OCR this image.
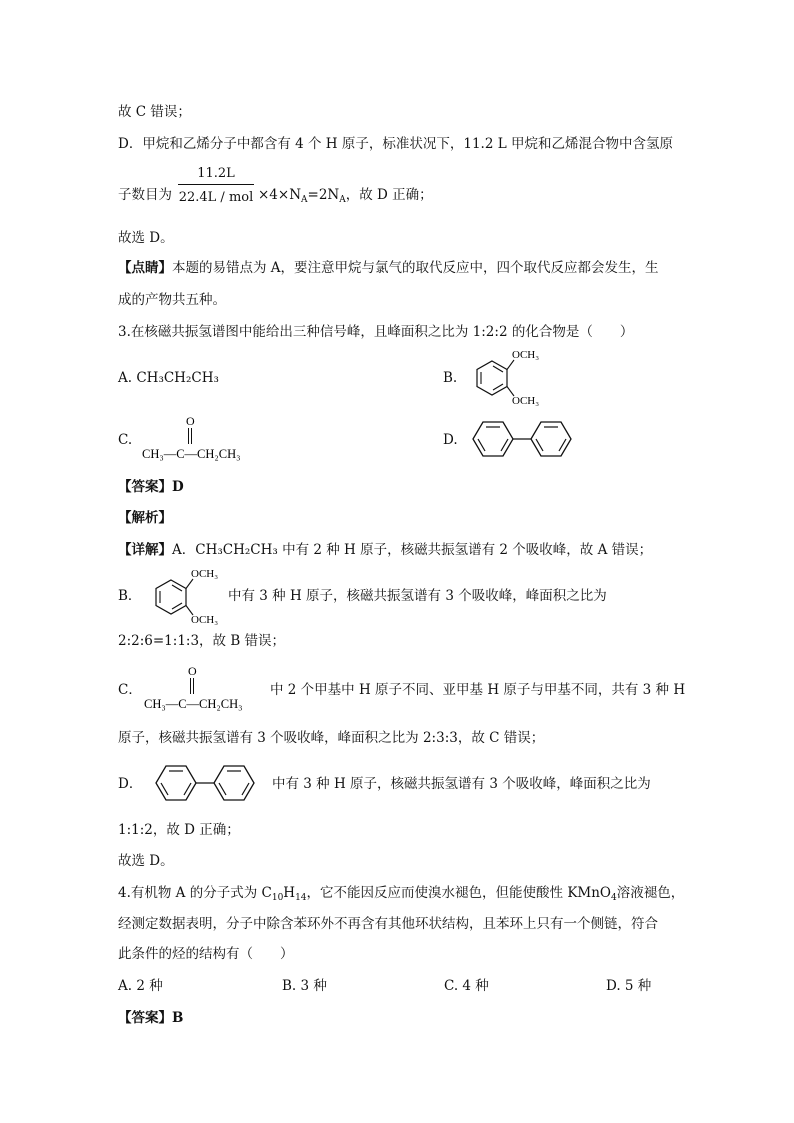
故 C 错误；
D．甲烷和乙烯分子中都含有 4 个 H 原子，标准状况下，11.2 L 甲烷和乙烯混合物中含氢原
子数目为
11.2L
22.4L / mol $\times 4\times N_A=2N_A$，故 D 正确；
故选 D。
【点睛】本题的易错点为 A，要注意甲烷与氯气的取代反应中，四个取代反应都会发生，生
成的产物共五种。
3.在核磁共振氢谱图中能给出三种信号峰，且峰面积之比为 1:2:2 的化合物是（　　）
A. CH₃CH₂CH₃	B.
OCH₃
OCH₃
C.
O
CH₃—C—CH₂CH₃
D.
【答案】D
【解析】
【详解】A．CH₃CH₂CH₃ 中有 2 种 H 原子，核磁共振氢谱有 2 个吸收峰，故 A 错误；
B．
OCH₃
OCH₃
中有 3 种 H 原子，核磁共振氢谱有 3 个吸收峰，峰面积之比为
2:2:6=1:1:3，故 B 错误；
C．
O
CH₃—C—CH₂CH₃
中 2 个甲基中 H 原子不同、亚甲基 H 原子与甲基不同，共有 3 种 H
原子，核磁共振氢谱有 3 个吸收峰，峰面积之比为 2:3:3，故 C 错误；
D．	中有 3 种 H 原子，核磁共振氢谱有 3 个吸收峰，峰面积之比为
1:1:2，故 D 正确；
故选 D。
4.有机物 A 的分子式为 $C_{10}H_{14}$，它不能因反应而使溴水褪色，但能使酸性 KMnO$_4$溶液褪色，
经测定数据表明，分子中除含苯环外不再含有其他环状结构，且苯环上只有一个侧链，符合
此条件的烃的结构有（　　）
A. 2 种	B. 3 种	C. 4 种	D. 5 种
【答案】B
